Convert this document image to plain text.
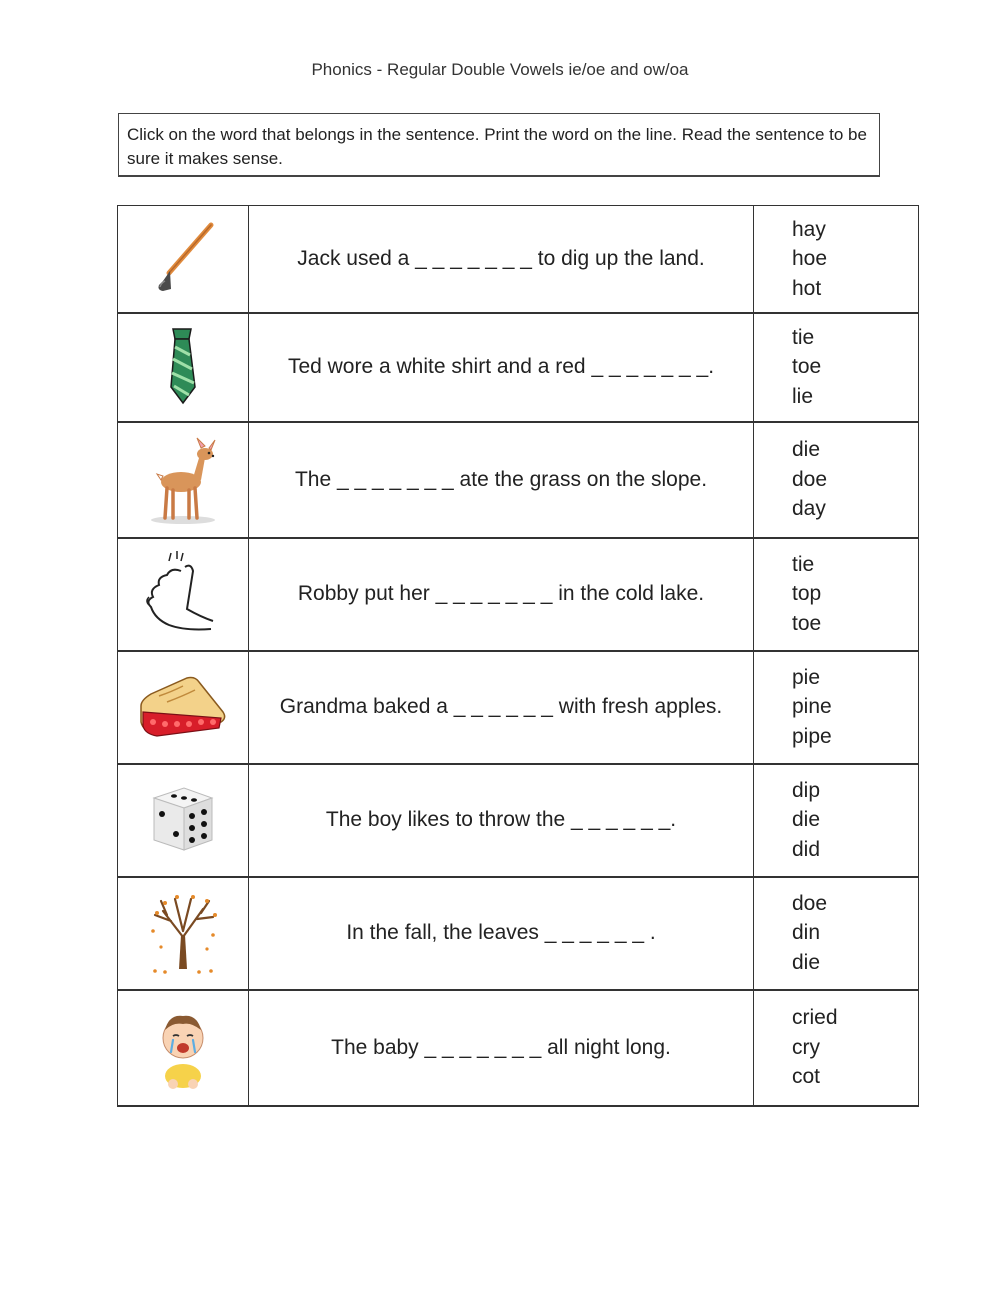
Phonics - Regular Double Vowels ie/oe and ow/oa
Click on the word that belongs in the sentence. Print the word on the line. Read the sentence to be sure it makes sense.
	Jack used a _ _ _ _ _ _ _ to dig up the land.	hay
hoe
hot

	Ted wore a white shirt and a red _ _ _ _ _ _ _.	tie
toe
lie

	The _ _ _ _ _ _ _ ate the grass on the slope.	die
doe
day

	Robby put her _ _ _ _ _ _ _ in the cold lake.	tie
top
toe

	Grandma baked a _ _ _ _ _ _ with fresh apples.	pie
pine
pipe

	The boy likes to throw the _ _ _ _ _ _.	dip
die
did

	In the fall, the leaves _ _ _ _ _ _ .	doe
din
die

	The baby _ _ _ _ _ _ _ all night long.	cried
cry
cot
